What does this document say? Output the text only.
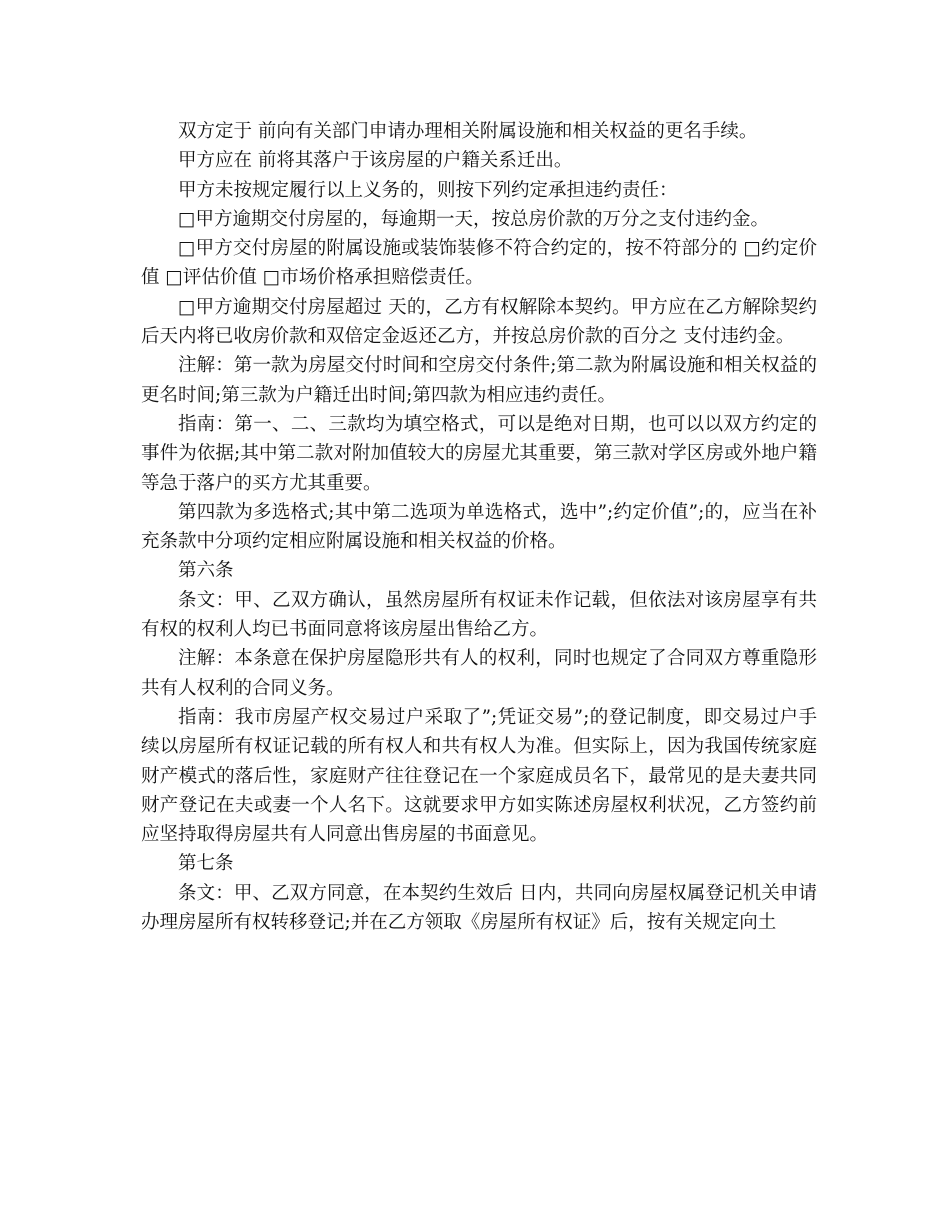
双方定于 前向有关部门申请办理相关附属设施和相关权益的更名手续。

甲方应在 前将其落户于该房屋的户籍关系迁出。

甲方未按规定履行以上义务的，则按下列约定承担违约责任：

□甲方逾期交付房屋的，每逾期一天，按总房价款的万分之支付违约金。

□甲方交付房屋的附属设施或装饰装修不符合约定的，按不符部分的 □约定价值 □评估价值 □市场价格承担赔偿责任。

□甲方逾期交付房屋超过 天的，乙方有权解除本契约。甲方应在乙方解除契约后天内将已收房价款和双倍定金返还乙方，并按总房价款的百分之 支付违约金。

注解：第一款为房屋交付时间和空房交付条件;第二款为附属设施和相关权益的更名时间;第三款为户籍迁出时间;第四款为相应违约责任。

指南：第一、二、三款均为填空格式，可以是绝对日期，也可以以双方约定的事件为依据;其中第二款对附加值较大的房屋尤其重要，第三款对学区房或外地户籍等急于落户的买方尤其重要。

第四款为多选格式;其中第二选项为单选格式，选中”;约定价值”;的，应当在补充条款中分项约定相应附属设施和相关权益的价格。

第六条

条文：甲、乙双方确认，虽然房屋所有权证未作记载，但依法对该房屋享有共有权的权利人均已书面同意将该房屋出售给乙方。

注解：本条意在保护房屋隐形共有人的权利，同时也规定了合同双方尊重隐形共有人权利的合同义务。

指南：我市房屋产权交易过户采取了”;凭证交易”;的登记制度，即交易过户手续以房屋所有权证记载的所有权人和共有权人为准。但实际上，因为我国传统家庭财产模式的落后性，家庭财产往往登记在一个家庭成员名下，最常见的是夫妻共同财产登记在夫或妻一个人名下。这就要求甲方如实陈述房屋权利状况，乙方签约前应坚持取得房屋共有人同意出售房屋的书面意见。

第七条

条文：甲、乙双方同意，在本契约生效后 日内，共同向房屋权属登记机关申请办理房屋所有权转移登记;并在乙方领取《房屋所有权证》后，按有关规定向土
